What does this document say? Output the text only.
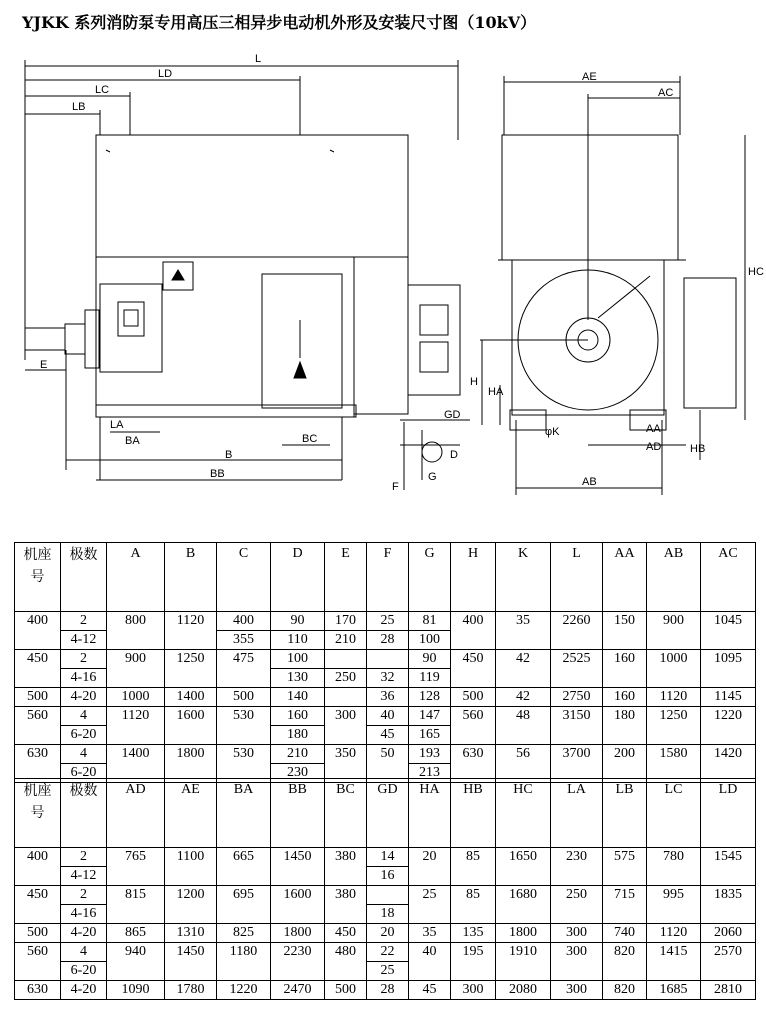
YJKK 系列消防泵专用高压三相异步电动机外形及安装尺寸图（10kV）
L
LD
LC
LB
E
LA
BA
B
BB
BC
GD
D
F
G
AE
AC
HC
H
HA
φK	AA
AD	HB
AB
机座号	极数	A	B	C	D	E	F	G	H	K	L	AA	AB	AC
400	2	800	1120	400	90	170	25	81	400	35	2260	150	900	1045
	4-12			355	110	210	28	100						
450	2	900	1250	475	100			90	450	42	2525	160	1000	1095
	4-16				130	250	32	119						
500	4-20	1000	1400	500	140		36	128	500	42	2750	160	1120	1145
560	4	1120	1600	530	160	300	40	147	560	48	3150	180	1250	1220
	6-20				180		45	165						
630	4	1400	1800	530	210	350	50	193	630	56	3700	200	1580	1420
	6-20				230			213						
机座号	极数	AD	AE	BA	BB	BC	GD	HA	HB	HC	LA	LB	LC	LD
400	2	765	1100	665	1450	380	14	20	85	1650	230	575	780	1545
	4-12						16							
450	2	815	1200	695	1600	380		25	85	1680	250	715	995	1835
	4-16						18							
500	4-20	865	1310	825	1800	450	20	35	135	1800	300	740	1120	2060
560	4	940	1450	1180	2230	480	22	40	195	1910	300	820	1415	2570
	6-20						25							
630	4-20	1090	1780	1220	2470	500	28	45	300	2080	300	820	1685	2810
